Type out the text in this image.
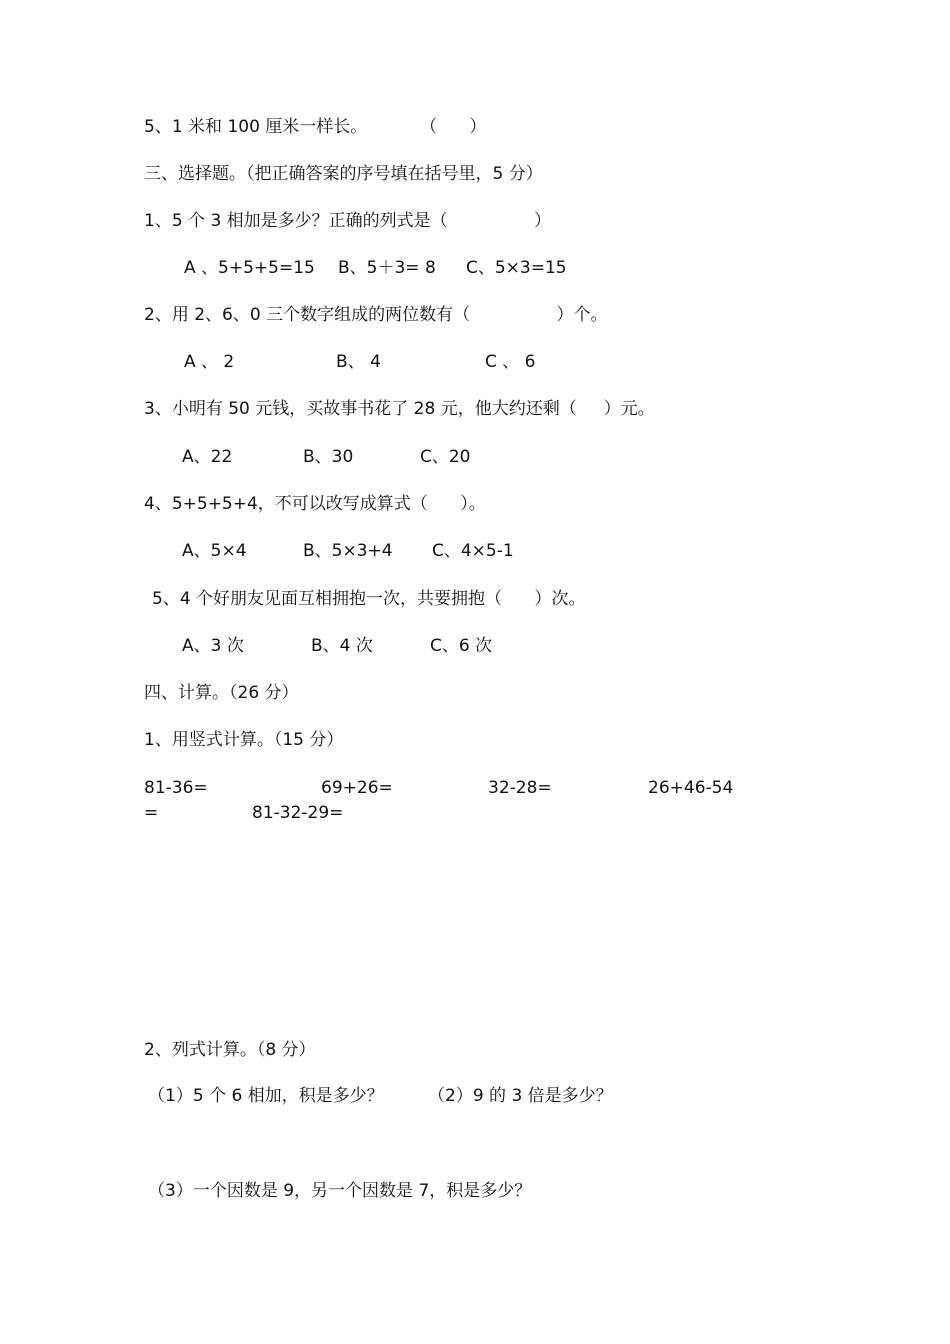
5、1 米和 100 厘米一样长。	（      ）
三、选择题。（把正确答案的序号填在括号里，5 分）
1、5 个 3 相加是多少？正确的列式是（                ）
A 、5+5+5=15 B、5＋3= 8 C、5×3=15
2、用 2、6、0 三个数字组成的两位数有（                ）个。
A 、 2	B、 4	C 、 6
3、小明有 50 元钱，买故事书花了 28 元，他大约还剩（     ）元。
A、22	B、30	C、20
4、5+5+5+4，不可以改写成算式（      ）。
A、5×4	B、5×3+4 C、4×5-1
5、4 个好朋友见面互相拥抱一次，共要拥抱（      ）次。
A、3 次	B、4 次	C、6 次
四、计算。（26 分）
1、用竖式计算。（15 分）
81-36=	69+26=	32-28=	26+46-54
=	81-32-29=
2、列式计算。（8 分）
（1）5 个 6 相加，积是多少？	（2）9 的 3 倍是多少？
（3）一个因数是 9，另一个因数是 7，积是多少？
